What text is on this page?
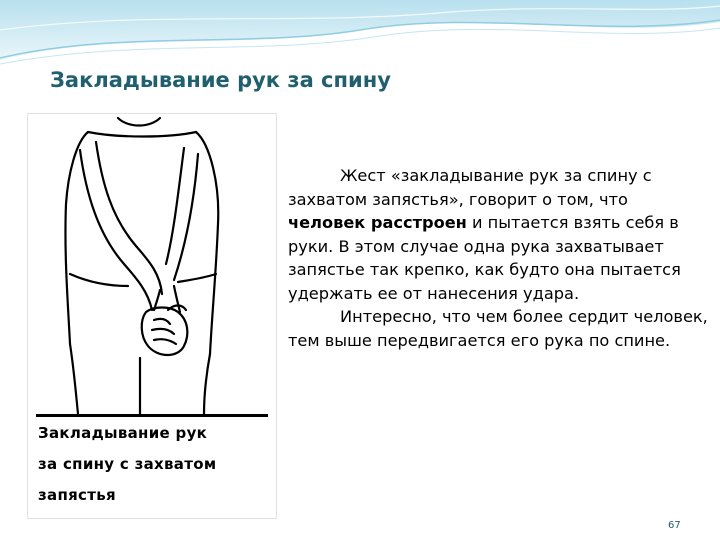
Закладывание рук за спину
Закладывание рук
за спину с захватом
запястья

Жест «закладывание рук за спину с захватом запястья», говорит о том, что человек расстроен и пытается взять себя в руки. В этом случае одна рука захватывает запястье так крепко, как будто она пытается удержать ее от нанесения удара.

Интересно, что чем более сердит человек, тем выше передвигается его рука по спине.

67
